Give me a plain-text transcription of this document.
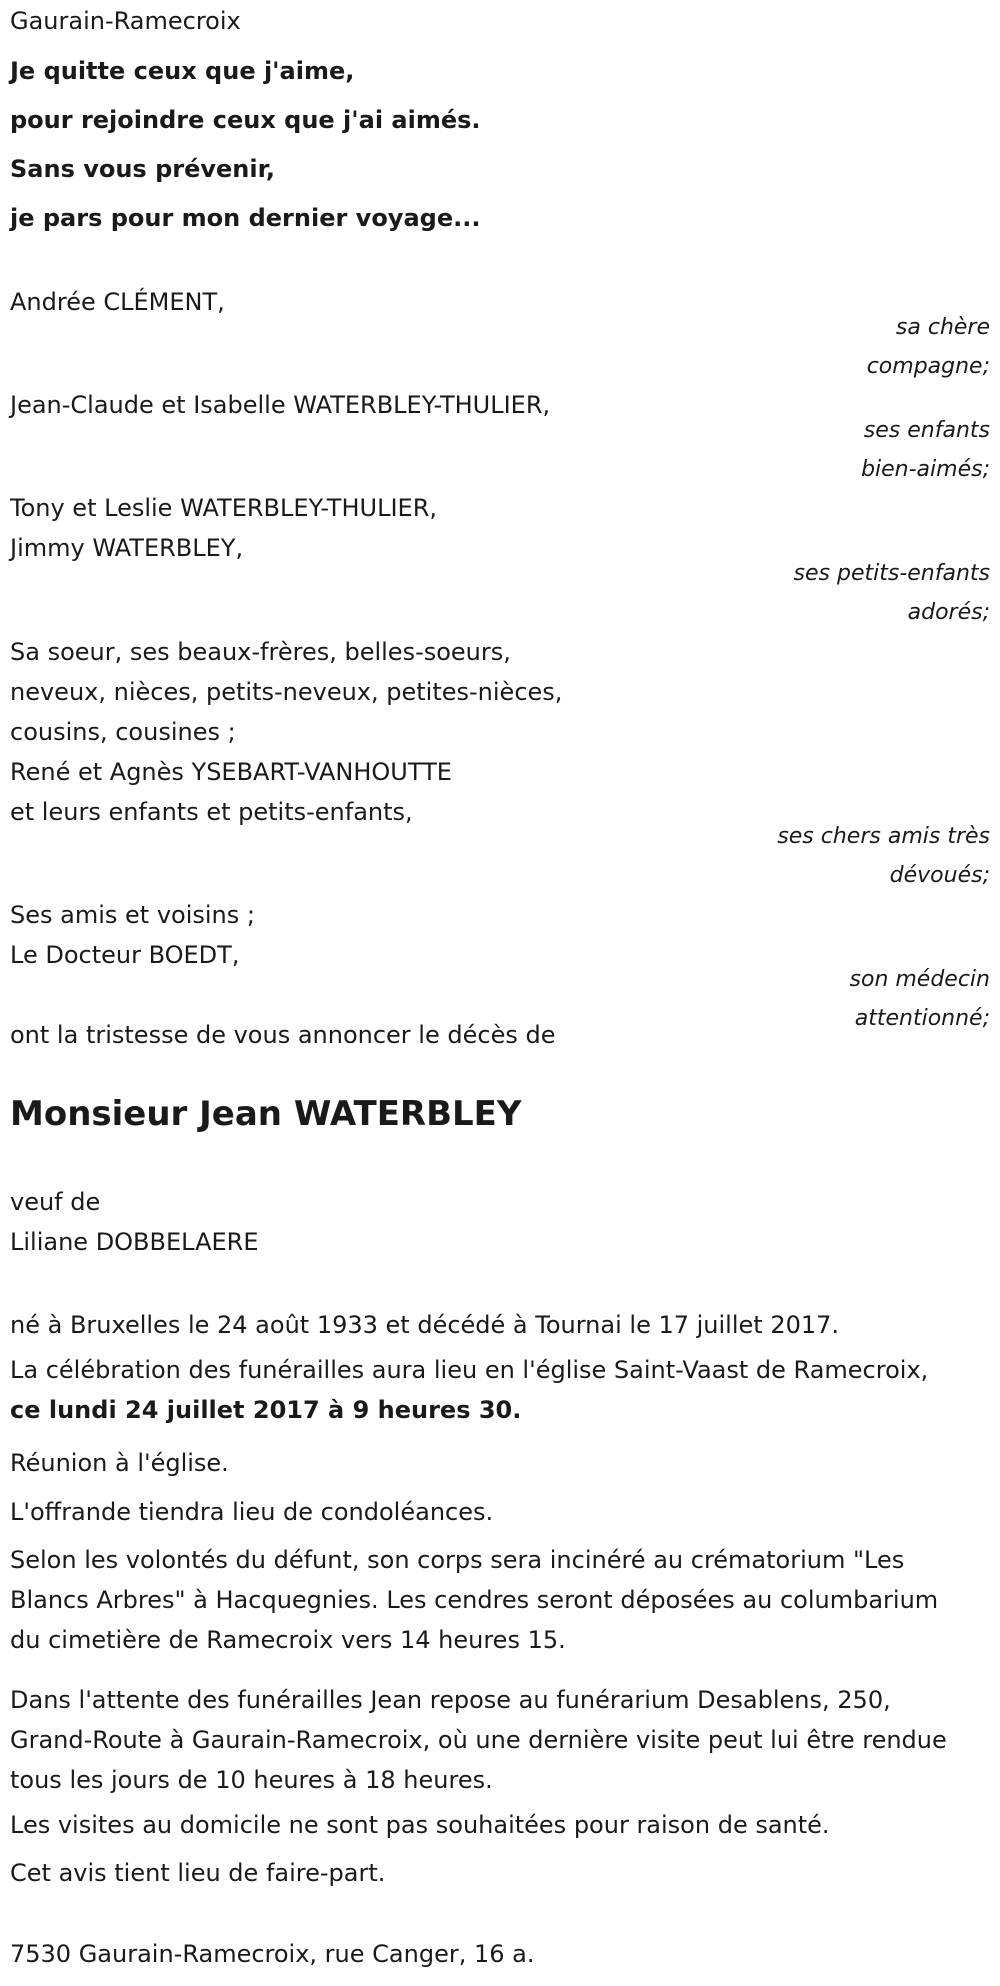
Gaurain-Ramecroix

Je quitte ceux que j'aime,

pour rejoindre ceux que j'ai aimés.

Sans vous prévenir,

je pars pour mon dernier voyage...

Andrée CLÉMENT,

Jean-Claude et Isabelle WATERBLEY-THULIER,

Tony et Leslie WATERBLEY-THULIER,

Jimmy WATERBLEY,

Sa soeur, ses beaux-frères, belles-soeurs,

neveux, nièces, petits-neveux, petites-nièces,

cousins, cousines ;

René et Agnès YSEBART-VANHOUTTE

et leurs enfants et petits-enfants,

Ses amis et voisins ;

Le Docteur BOEDT,

sa chère

compagne;

ses enfants

bien-aimés;

ses petits-enfants

adorés;

ses chers amis très

dévoués;

son médecin

attentionné;

ont la tristesse de vous annoncer le décès de

Monsieur Jean WATERBLEY

veuf de

Liliane DOBBELAERE

né à Bruxelles le 24 août 1933 et décédé à Tournai le 17 juillet 2017.

La célébration des funérailles aura lieu en l'église Saint-Vaast de Ramecroix, ce lundi 24 juillet 2017 à 9 heures 30.

Réunion à l'église.

L'offrande tiendra lieu de condoléances.

Selon les volontés du défunt, son corps sera incinéré au crématorium "Les Blancs Arbres" à Hacquegnies. Les cendres seront déposées au columbarium du cimetière de Ramecroix vers 14 heures 15.

Dans l'attente des funérailles Jean repose au funérarium Desablens, 250, Grand-Route à Gaurain-Ramecroix, où une dernière visite peut lui être rendue tous les jours de 10 heures à 18 heures.

Les visites au domicile ne sont pas souhaitées pour raison de santé.

Cet avis tient lieu de faire-part.

7530 Gaurain-Ramecroix, rue Canger, 16 a.
